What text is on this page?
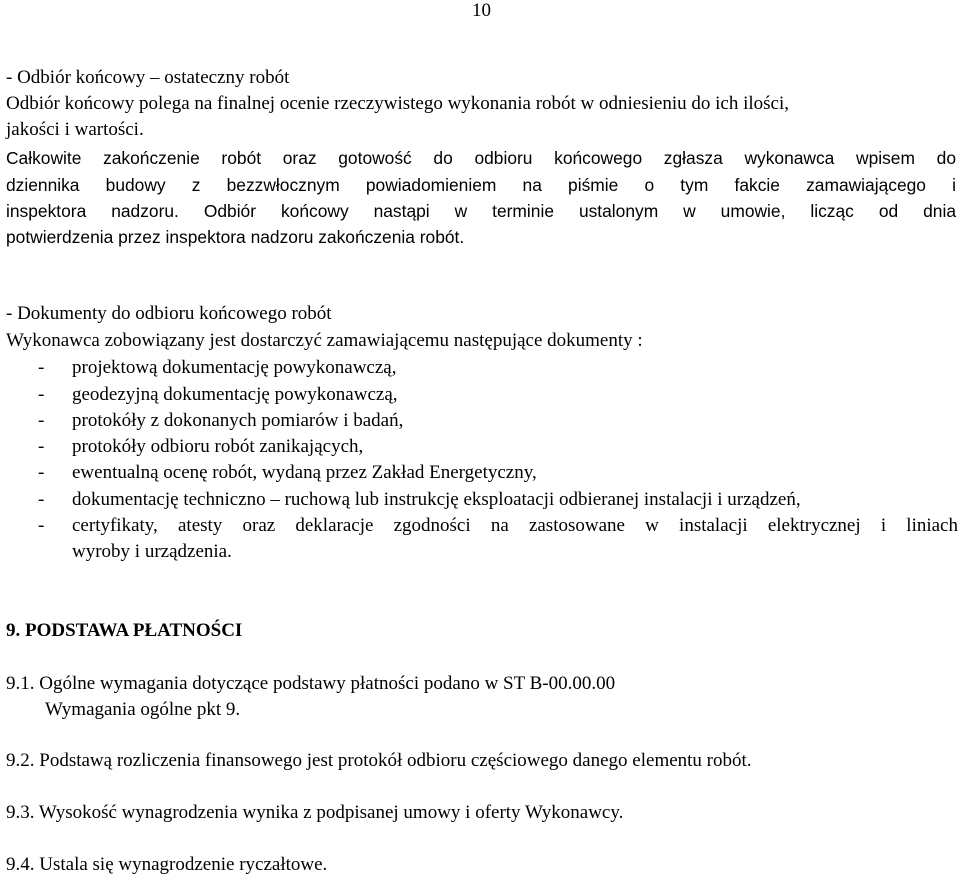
10
- Odbiór końcowy – ostateczny robót
Odbiór końcowy polega na finalnej ocenie rzeczywistego wykonania robót w odniesieniu do ich ilości,
jakości i wartości.
Całkowite zakończenie robót oraz gotowość do odbioru końcowego zgłasza wykonawca wpisem do
dziennika budowy z bezzwłocznym powiadomieniem na piśmie o tym fakcie zamawiającego i
inspektora nadzoru. Odbiór końcowy nastąpi w terminie ustalonym w umowie, licząc od dnia
potwierdzenia przez inspektora nadzoru zakończenia robót.
- Dokumenty do odbioru końcowego robót
Wykonawca zobowiązany jest dostarczyć zamawiającemu następujące dokumenty :
- projektową dokumentację powykonawczą,
- geodezyjną dokumentację powykonawczą,
- protokóły z dokonanych pomiarów i badań,
- protokóły odbioru robót zanikających,
- ewentualną ocenę robót, wydaną przez Zakład Energetyczny,
- dokumentację techniczno – ruchową lub instrukcję eksploatacji odbieranej instalacji i urządzeń,
- certyfikaty, atesty oraz deklaracje zgodności na zastosowane w instalacji elektrycznej i liniach
wyroby i urządzenia.
9. PODSTAWA PŁATNOŚCI
9.1. Ogólne wymagania dotyczące podstawy płatności podano w ST B-00.00.00
Wymagania ogólne pkt 9.
9.2. Podstawą rozliczenia finansowego jest protokół odbioru częściowego danego elementu robót.
9.3. Wysokość wynagrodzenia wynika z podpisanej umowy i oferty Wykonawcy.
9.4. Ustala się wynagrodzenie ryczałtowe.
